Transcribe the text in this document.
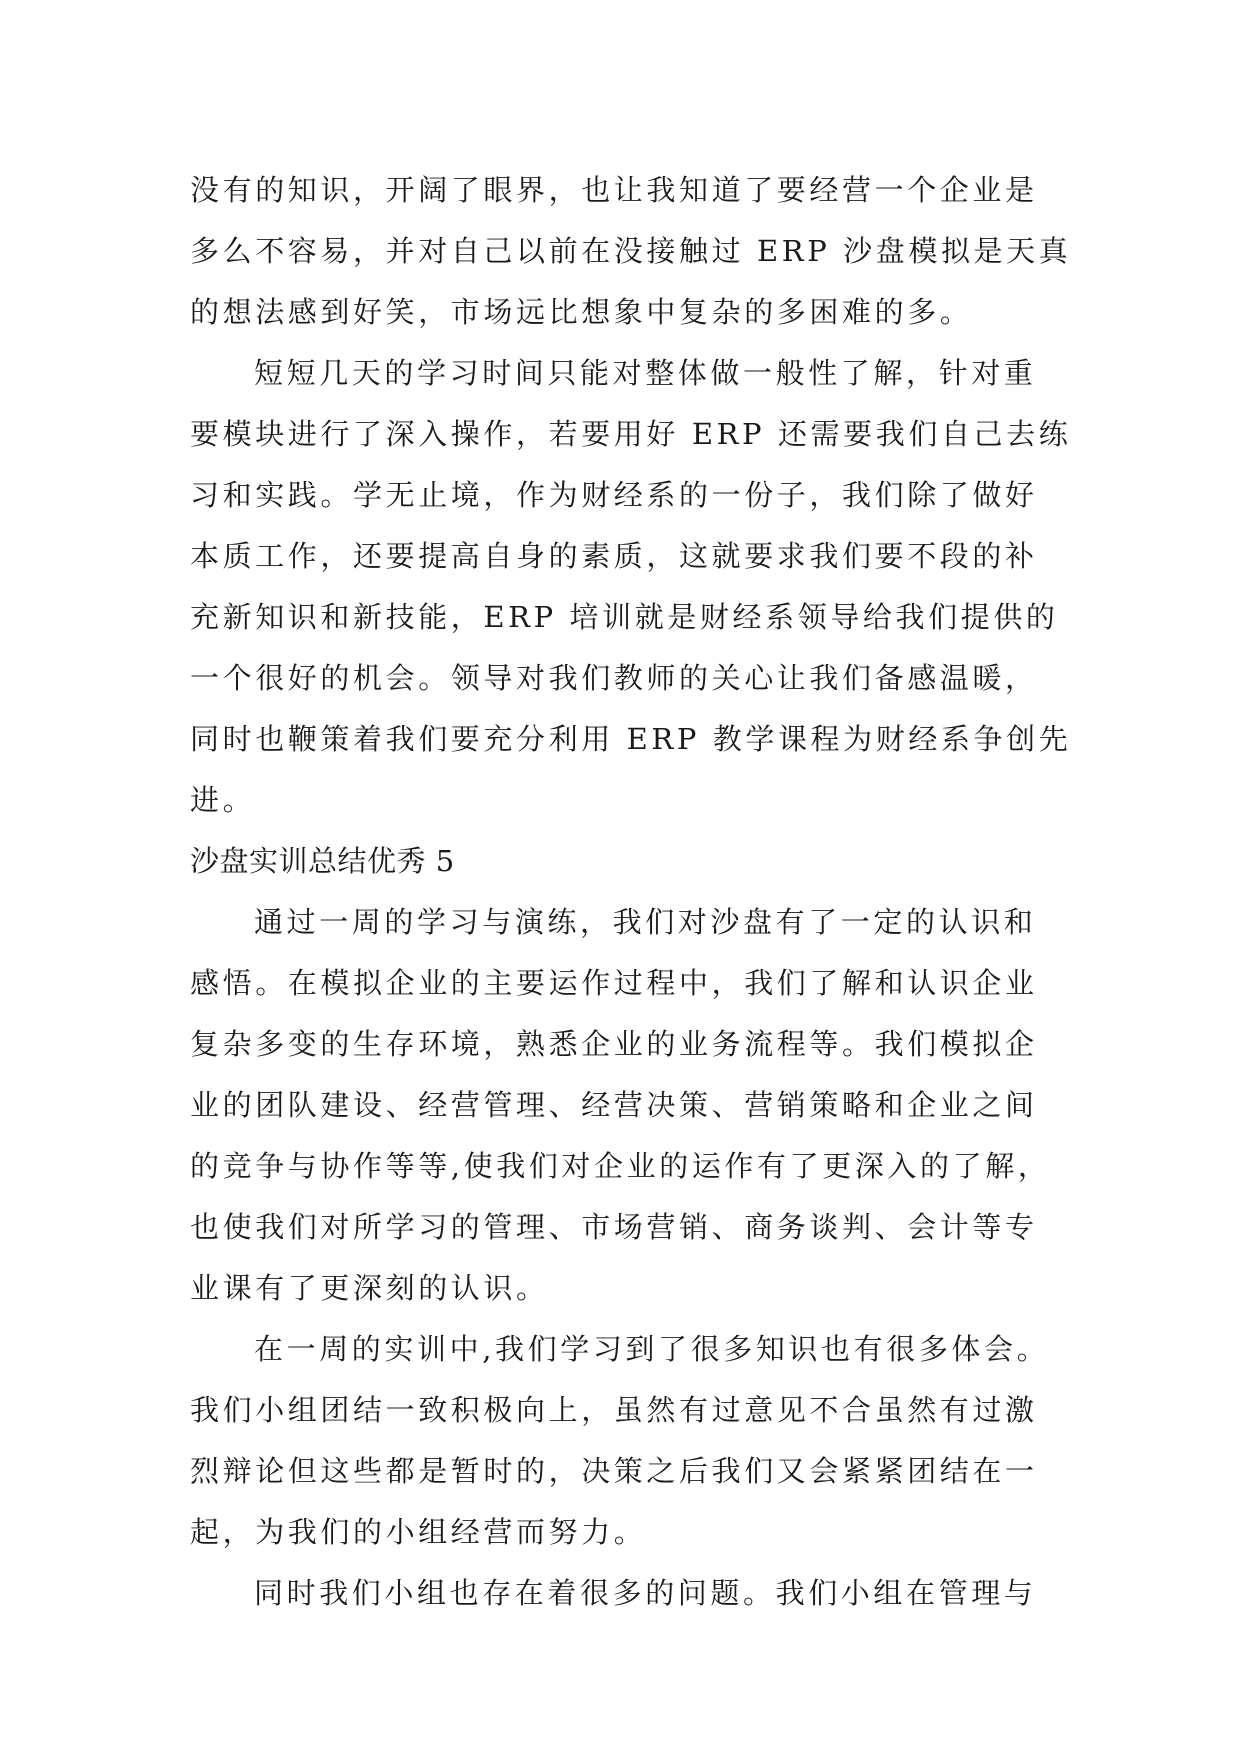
没有的知识，开阔了眼界，也让我知道了要经营一个企业是
多么不容易，并对自己以前在没接触过 ERP 沙盘模拟是天真
的想法感到好笑，市场远比想象中复杂的多困难的多。
短短几天的学习时间只能对整体做一般性了解，针对重
要模块进行了深入操作，若要用好 ERP 还需要我们自己去练
习和实践。学无止境，作为财经系的一份子，我们除了做好
本质工作，还要提高自身的素质，这就要求我们要不段的补
充新知识和新技能，ERP 培训就是财经系领导给我们提供的
一个很好的机会。领导对我们教师的关心让我们备感温暖，
同时也鞭策着我们要充分利用 ERP 教学课程为财经系争创先
进。
沙盘实训总结优秀 5
通过一周的学习与演练，我们对沙盘有了一定的认识和
感悟。在模拟企业的主要运作过程中，我们了解和认识企业
复杂多变的生存环境，熟悉企业的业务流程等。我们模拟企
业的团队建设、经营管理、经营决策、营销策略和企业之间
的竞争与协作等等,使我们对企业的运作有了更深入的了解，
也使我们对所学习的管理、市场营销、商务谈判、会计等专
业课有了更深刻的认识。
在一周的实训中,我们学习到了很多知识也有很多体会。
我们小组团结一致积极向上，虽然有过意见不合虽然有过激
烈辩论但这些都是暂时的，决策之后我们又会紧紧团结在一
起，为我们的小组经营而努力。
同时我们小组也存在着很多的问题。我们小组在管理与
